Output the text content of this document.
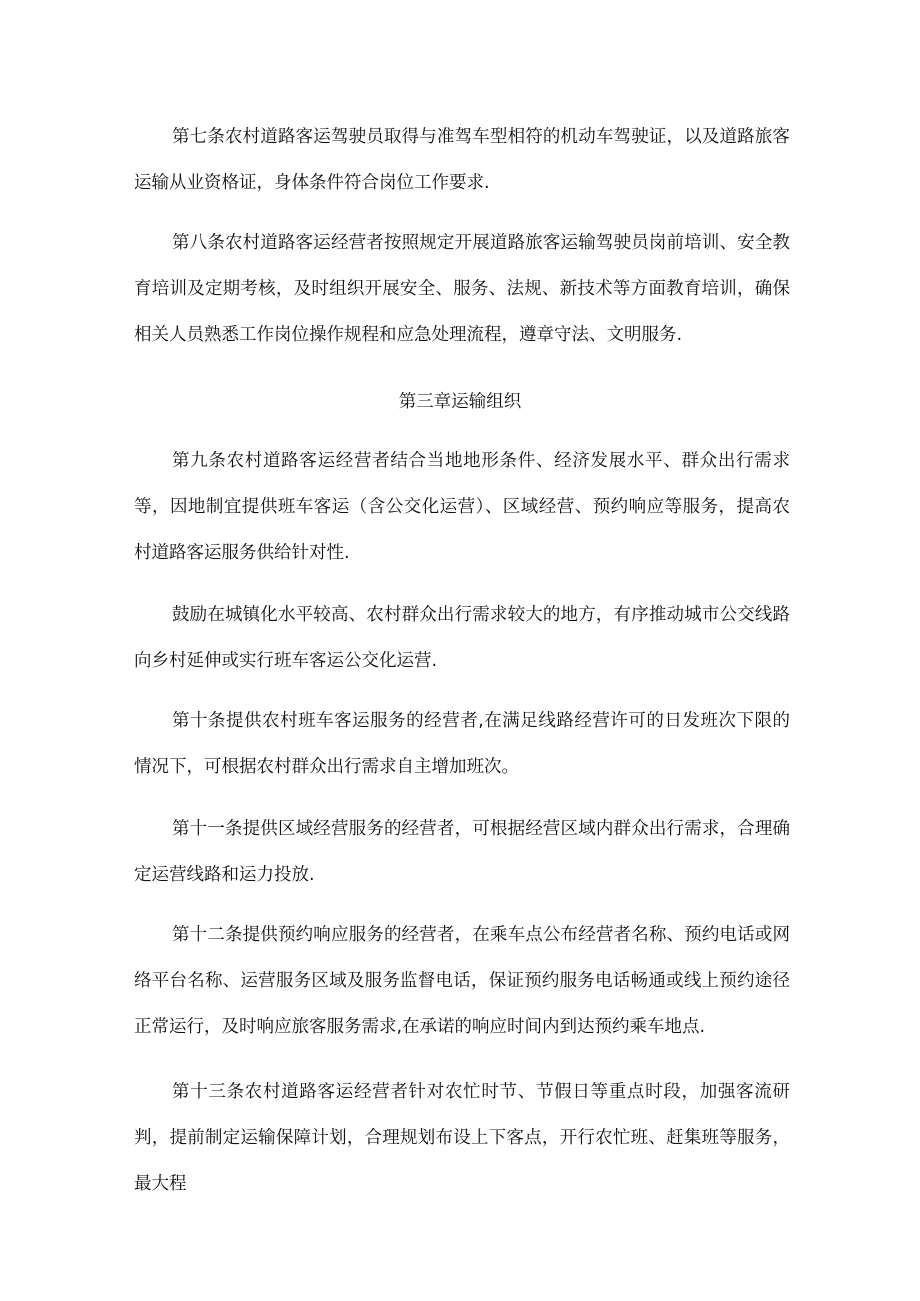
第七条农村道路客运驾驶员取得与准驾车型相符的机动车驾驶证，以及道路旅客运输从业资格证，身体条件符合岗位工作要求.

第八条农村道路客运经营者按照规定开展道路旅客运输驾驶员岗前培训、安全教育培训及定期考核，及时组织开展安全、服务、法规、新技术等方面教育培训，确保相关人员熟悉工作岗位操作规程和应急处理流程，遵章守法、文明服务.

第三章运输组织

第九条农村道路客运经营者结合当地地形条件、经济发展水平、群众出行需求等，因地制宜提供班车客运（含公交化运营）、区域经营、预约响应等服务，提高农村道路客运服务供给针对性.

鼓励在城镇化水平较高、农村群众出行需求较大的地方，有序推动城市公交线路向乡村延伸或实行班车客运公交化运营.

第十条提供农村班车客运服务的经营者,在满足线路经营许可的日发班次下限的情况下，可根据农村群众出行需求自主增加班次。

第十一条提供区域经营服务的经营者，可根据经营区域内群众出行需求，合理确定运营线路和运力投放.

第十二条提供预约响应服务的经营者，在乘车点公布经营者名称、预约电话或网络平台名称、运营服务区域及服务监督电话，保证预约服务电话畅通或线上预约途径正常运行，及时响应旅客服务需求,在承诺的响应时间内到达预约乘车地点.

第十三条农村道路客运经营者针对农忙时节、节假日等重点时段，加强客流研判，提前制定运输保障计划，合理规划布设上下客点，开行农忙班、赶集班等服务，最大程
